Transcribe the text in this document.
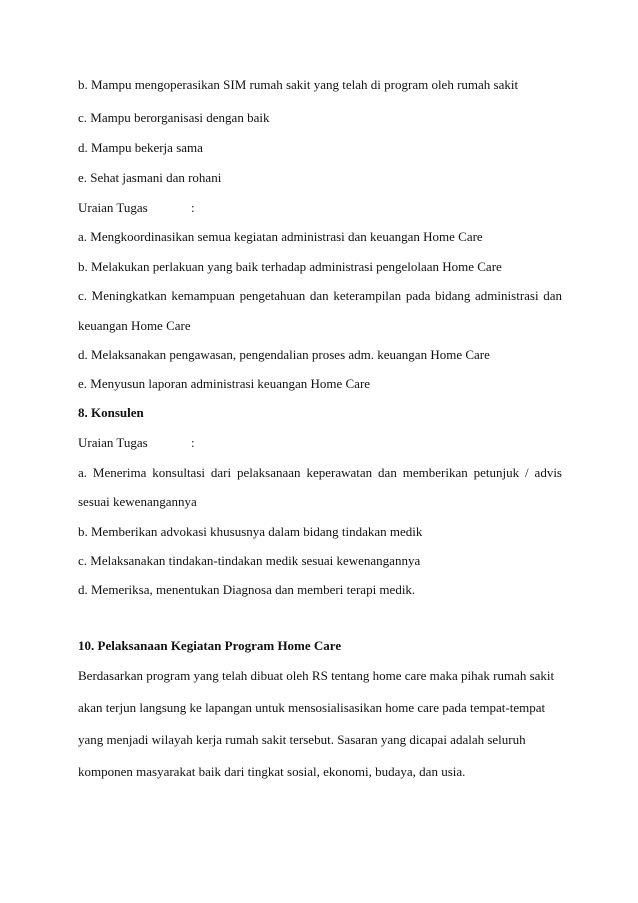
b. Mampu mengoperasikan SIM rumah sakit yang telah di program oleh rumah sakit
c. Mampu berorganisasi dengan baik
d. Mampu bekerja sama
e. Sehat jasmani dan rohani
Uraian Tugas	:
a. Mengkoordinasikan semua kegiatan administrasi dan keuangan Home Care
b. Melakukan perlakuan yang baik terhadap administrasi pengelolaan Home Care
c. Meningkatkan kemampuan pengetahuan dan keterampilan pada bidang administrasi dan
keuangan Home Care
d. Melaksanakan pengawasan, pengendalian proses adm. keuangan Home Care
e. Menyusun laporan administrasi keuangan Home Care
8. Konsulen
Uraian Tugas	:
a. Menerima konsultasi dari pelaksanaan keperawatan dan memberikan petunjuk / advis
sesuai kewenangannya
b. Memberikan advokasi khususnya dalam bidang tindakan medik
c. Melaksanakan tindakan-tindakan medik sesuai kewenangannya
d. Memeriksa, menentukan Diagnosa dan memberi terapi medik.
10. Pelaksanaan Kegiatan Program Home Care
Berdasarkan program yang telah dibuat oleh RS tentang home care maka pihak rumah sakit
akan terjun langsung ke lapangan untuk mensosialisasikan home care pada tempat-tempat
yang menjadi wilayah kerja rumah sakit tersebut. Sasaran yang dicapai adalah seluruh
komponen masyarakat baik dari tingkat sosial, ekonomi, budaya, dan usia.
